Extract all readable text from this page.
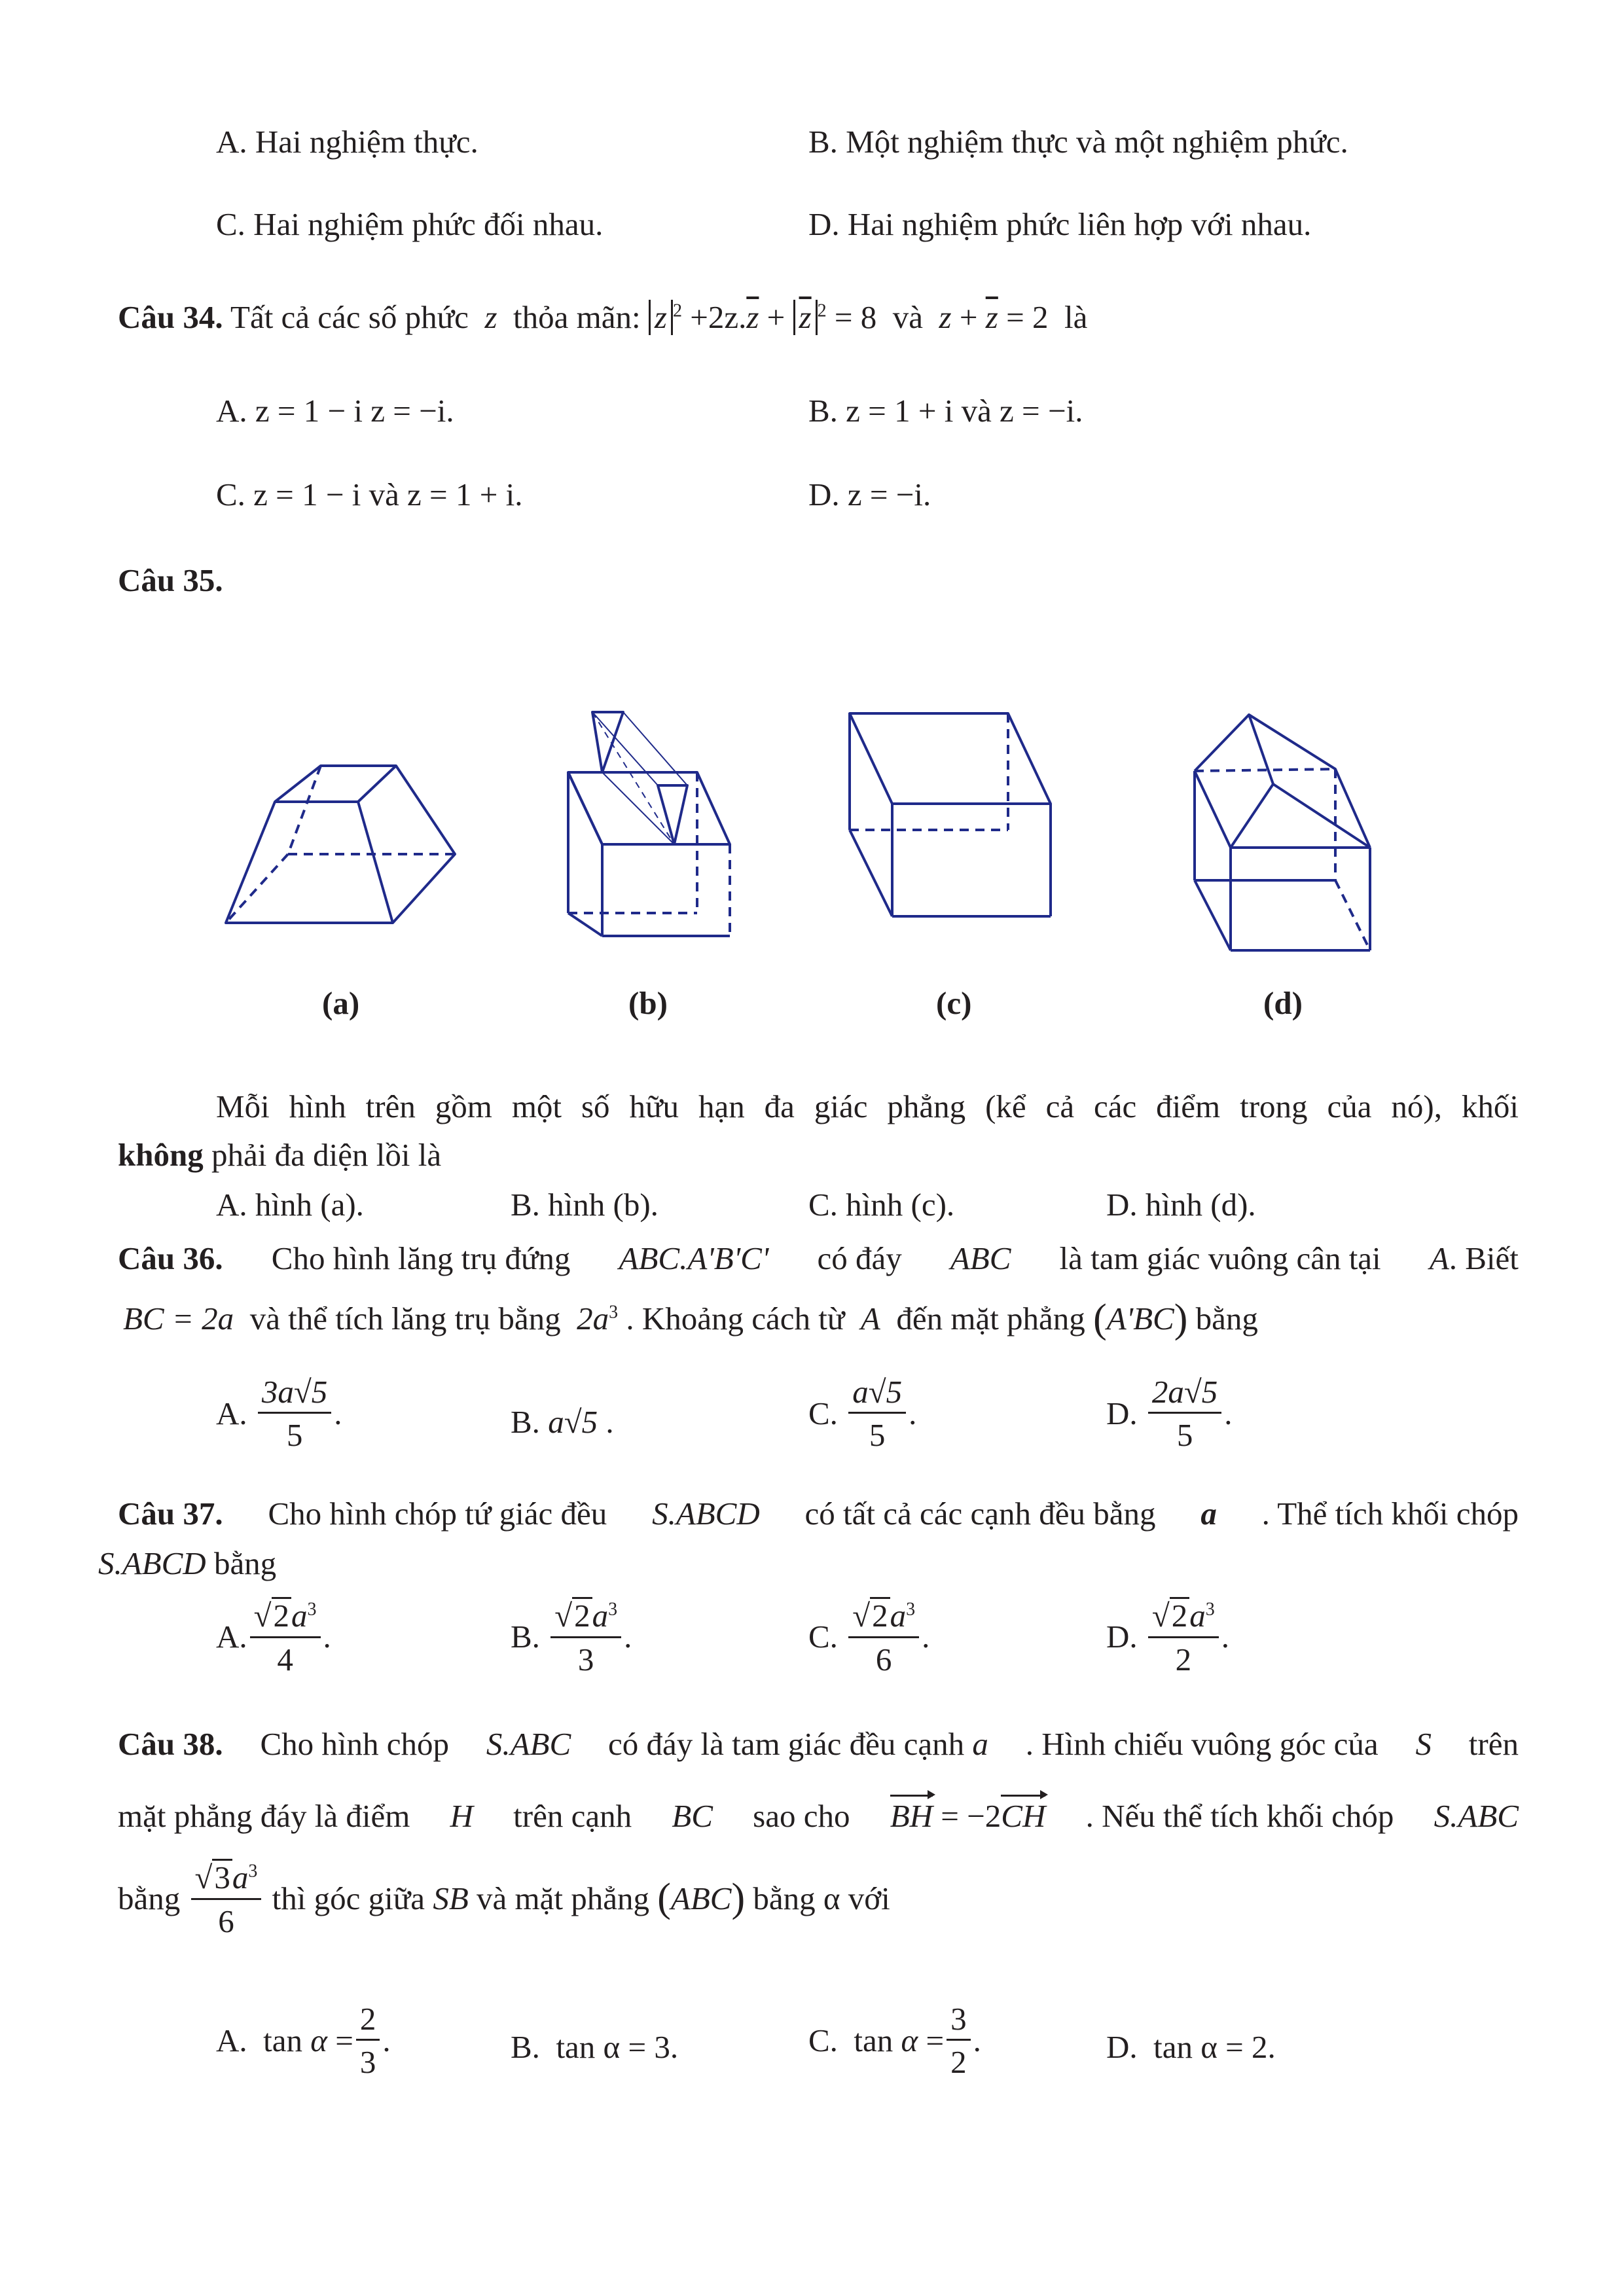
A. Hai nghiệm thực.	B. Một nghiệm thực và một nghiệm phức.
C. Hai nghiệm phức đối nhau.	D. Hai nghiệm phức liên hợp với nhau.
Câu 34. Tất cả các số phức  z  thỏa mãn: z $^2 +2z.\overline{z} + \overline{z}$ $^2$ = 8 và $z + \overline{z} = 2$ là
A. z = 1 − i z = −i.	B. z = 1 + i và z = −i.
C. z = 1 − i và z = 1 + i.	D. z = −i.
Câu 35.
(a)	(b)	(c)	(d)
Mỗi hình trên gồm một số hữu hạn đa giác phẳng (kể cả các điểm trong của nó), khối
không phải đa diện lồi là
A. hình (a).	B. hình (b).	C. hình (c).	D. hình (d).
Câu 36. Cho hình lăng trụ đứng ABC.A'B'C' có đáy ABC là tam giác vuông cân tại A. Biết
BC = 2a và thể tích lăng trụ bằng $2a^3$ . Khoảng cách từ  A  đến mặt phẳng (A'BC) bằng
A. $\frac{3a√5}{5}$ .	B. a√5 .	C. $\frac{a√5}{5}$ .	D. $\frac{2a√5}{5}$ .
Câu 37. Cho hình chóp tứ giác đều S.ABCD có tất cả các cạnh đều bằng a . Thể tích khối chóp
S.ABCD bằng
A. $\frac{√2a^3}{4}$ .	B. $\frac{√2a^3}{3}$ .	C. $\frac{√2a^3}{6}$ .	D. $\frac{√2a^3}{2}$ .
Câu 38. Cho hình chóp S.ABC có đáy là tam giác đều cạnh a . Hình chiếu vuông góc của S trên
mặt phẳng đáy là điểm H trên cạnh BC sao cho BH = −2CH . Nếu thể tích khối chóp S.ABC
bằng
$\frac{√3a^3}{6}$
thì góc giữa
SB
và mặt phẳng
( ABC )
bằng α với
A.  $\tan \alpha = \frac{2}{3}$ .	B.  tan α = 3.	C.  $\tan \alpha = \frac{3}{2}$ .	D.  tan α = 2.
